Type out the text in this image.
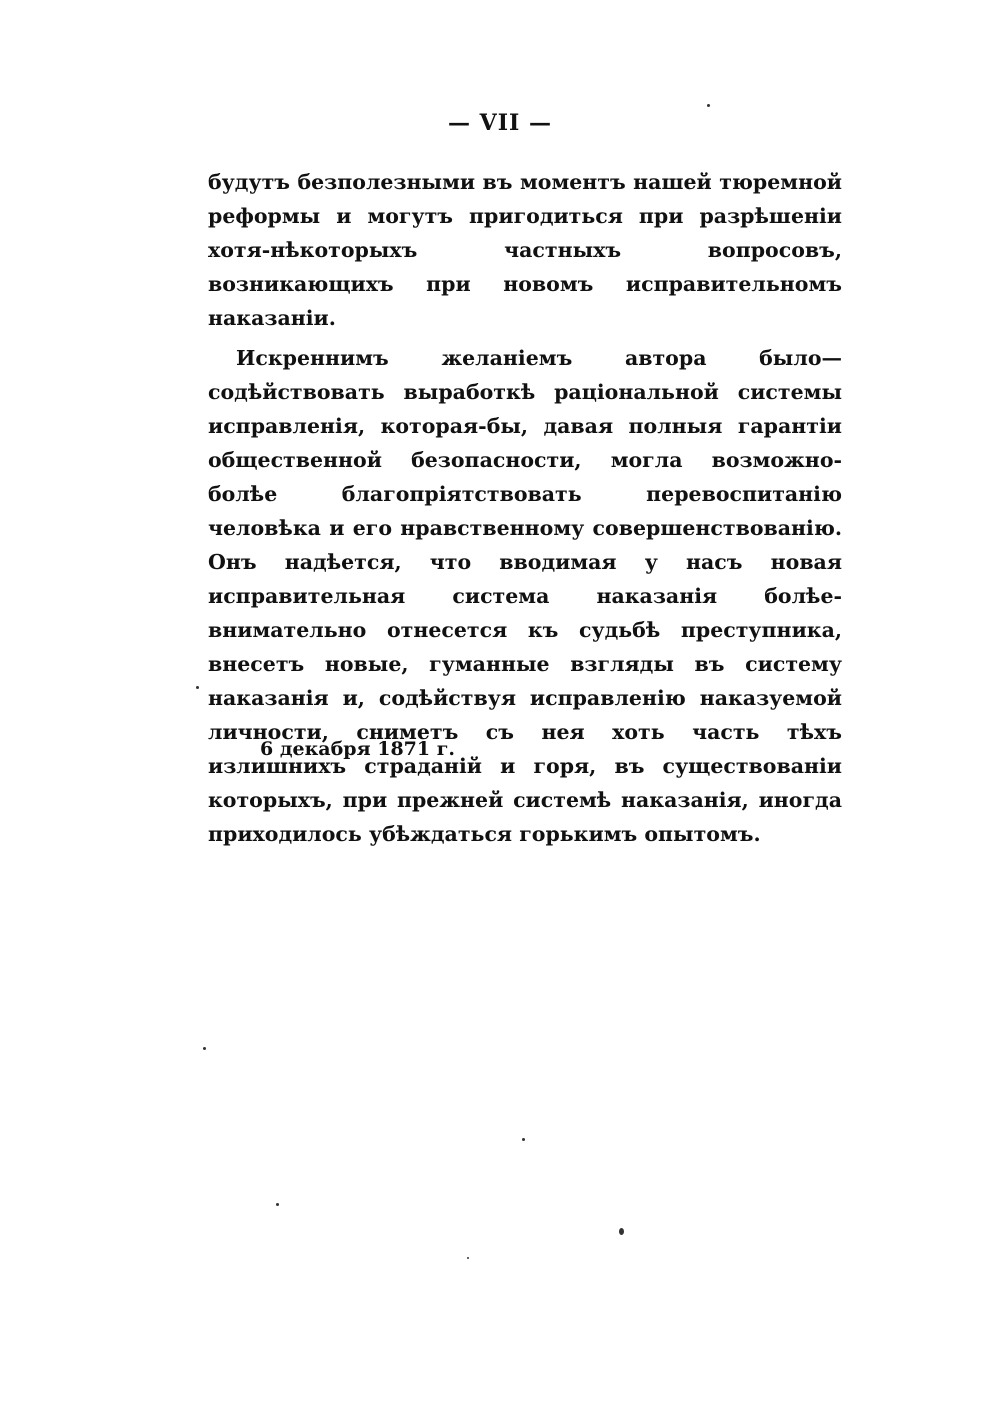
— VII —

будутъ безполезными въ моментъ нашей тюремной реформы и могутъ пригодиться при разрѣшеніи хотя-нѣкоторыхъ частныхъ вопросовъ, возникающихъ при новомъ исправительномъ наказаніи.

Искреннимъ желаніемъ автора было—содѣйствовать выработкѣ раціональной системы исправленія, которая-бы, давая полныя гарантіи общественной безопасности, могла возможно-болѣе благопріятствовать перевоспитанію человѣка и его нравственному совершенствованію. Онъ надѣется, что вводимая у насъ новая исправительная система наказанія болѣе-внимательно отнесется къ судьбѣ преступника, внесетъ новые, гуманные взгляды въ систему наказанія и, содѣйствуя исправленію наказуемой личности, сниметъ съ нея хоть часть тѣхъ излишнихъ страданій и горя, въ существованіи которыхъ, при прежней системѣ наказанія, иногда приходилось убѣждаться горькимъ опытомъ.

6 декабря 1871 г.
